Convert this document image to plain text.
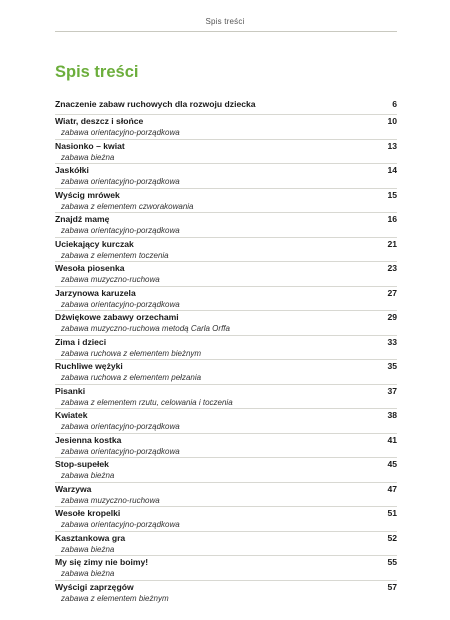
Spis treści
Spis treści
Znaczenie zabaw ruchowych dla rozwoju dziecka	6
Wiatr, deszcz i słońce	10
zabawa orientacyjno-porządkowa
Nasionko – kwiat	13
zabawa bieżna
Jaskółki	14
zabawa orientacyjno-porządkowa
Wyścig mrówek	15
zabawa z elementem czworakowania
Znajdź mamę	16
zabawa orientacyjno-porządkowa
Uciekający kurczak	21
zabawa z elementem toczenia
Wesoła piosenka	23
zabawa muzyczno-ruchowa
Jarzynowa karuzela	27
zabawa orientacyjno-porządkowa
Dźwiękowe zabawy orzechami	29
zabawa muzyczno-ruchowa metodą Carla Orffa
Zima i dzieci	33
zabawa ruchowa z elementem bieżnym
Ruchliwe wężyki	35
zabawa ruchowa z elementem pełzania
Pisanki	37
zabawa z elementem rzutu, celowania i toczenia
Kwiatek	38
zabawa orientacyjno-porządkowa
Jesienna kostka	41
zabawa orientacyjno-porządkowa
Stop-supełek	45
zabawa bieżna
Warzywa	47
zabawa muzyczno-ruchowa
Wesołe kropelki	51
zabawa orientacyjno-porządkowa
Kasztankowa gra	52
zabawa bieżna
My się zimy nie boimy!	55
zabawa bieżna
Wyścigi zaprzęgów	57
zabawa z elementem bieżnym
